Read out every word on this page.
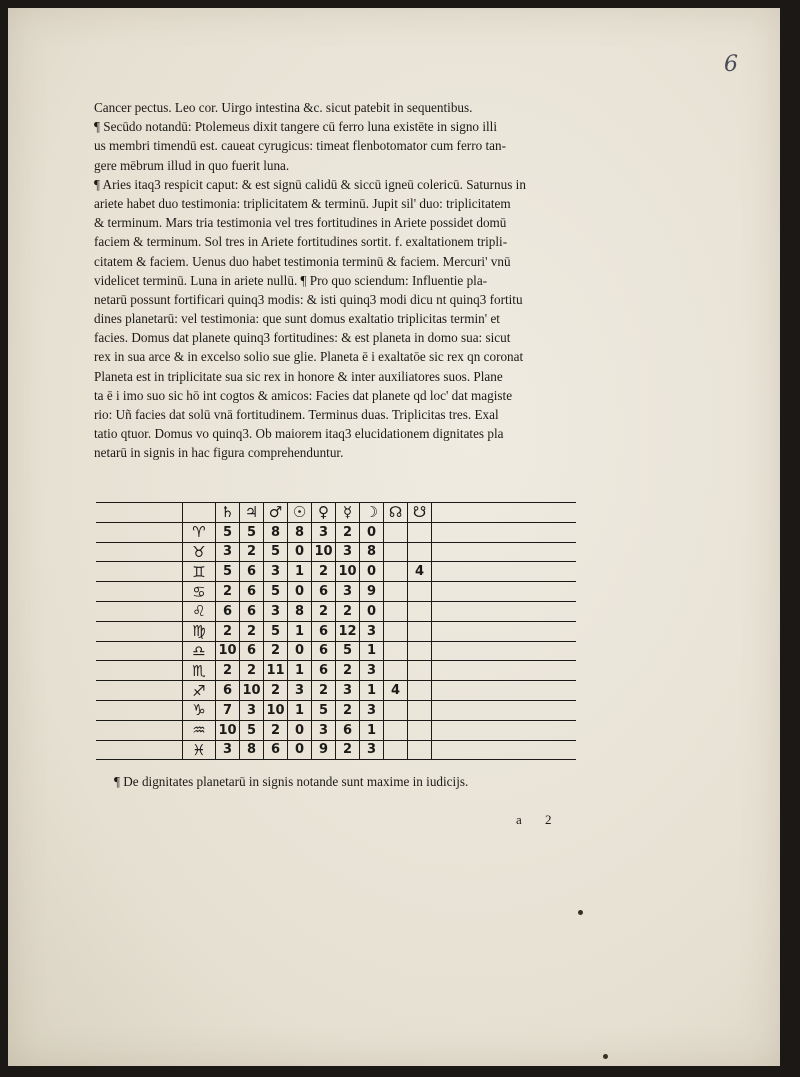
6
Cancer pectus. Leo cor. Uirgo intestina &c. sicut patebit in sequentibus.
¶ Secūdo notandū: Ptolemeus dixit tangere cū ferro luna existēte in signo illi
us membri timendū est. caueat cyrugicus: timeat flenbotomator cum ferro tan-
gere mēbrum illud in quo fuerit luna.
¶ Aries itaq3 respicit caput: & est signū calidū & siccū igneū colericū. Saturnus in
ariete habet duo testimonia: triplicitatem & terminū. Jupit sil' duo: triplicitatem
& terminum. Mars tria testimonia vel tres fortitudines in Ariete possidet domū
faciem & terminum. Sol tres in Ariete fortitudines sortit. f. exaltationem tripli-
citatem & faciem. Uenus duo habet testimonia terminū & faciem. Mercuri' vnū
videlicet terminū. Luna in ariete nullū. ¶ Pro quo sciendum: Influentie pla-
netarū possunt fortificari quinq3 modis: & isti quinq3 modi dicu nt quinq3 fortitu
dines planetarū: vel testimonia: que sunt domus exaltatio triplicitas termin' et
facies. Domus dat planete quinq3 fortitudines: & est planeta in domo sua: sicut
rex in sua arce & in excelso solio sue glie. Planeta ē i exaltatōe sic rex qn coronat
Planeta est in triplicitate sua sic rex in honore & inter auxiliatores suos. Plane
ta ē i imo suo sic hō int cogtos & amicos: Facies dat planete qd loc' dat magiste
rio: Uñ facies dat solū vnā fortitudinem. Terminus duas. Triplicitas tres. Exal
tatio qtuor. Domus vo quinq3. Ob maiorem itaq3 elucidationem dignitates pla
netarū in signis in hac figura comprehenduntur.
		♄	♃	♂	☉	♀	☿	☽	☊	☋	
	♈	5	5	8	8	3	2	0			
	♉	3	2	5	0	10	3	8			
	♊	5	6	3	1	2	10	0		4	
	♋	2	6	5	0	6	3	9			
	♌	6	6	3	8	2	2	0			
	♍	2	2	5	1	6	12	3			
	♎	10	6	2	0	6	5	1			
	♏	2	2	11	1	6	2	3			
	♐	6	10	2	3	2	3	1	4		
	♑	7	3	10	1	5	2	3			
	♒	10	5	2	0	3	6	1			
	♓	3	8	6	0	9	2	3			
¶ De dignitates planetarū in signis notande sunt maxime in iudicijs.
a 2
